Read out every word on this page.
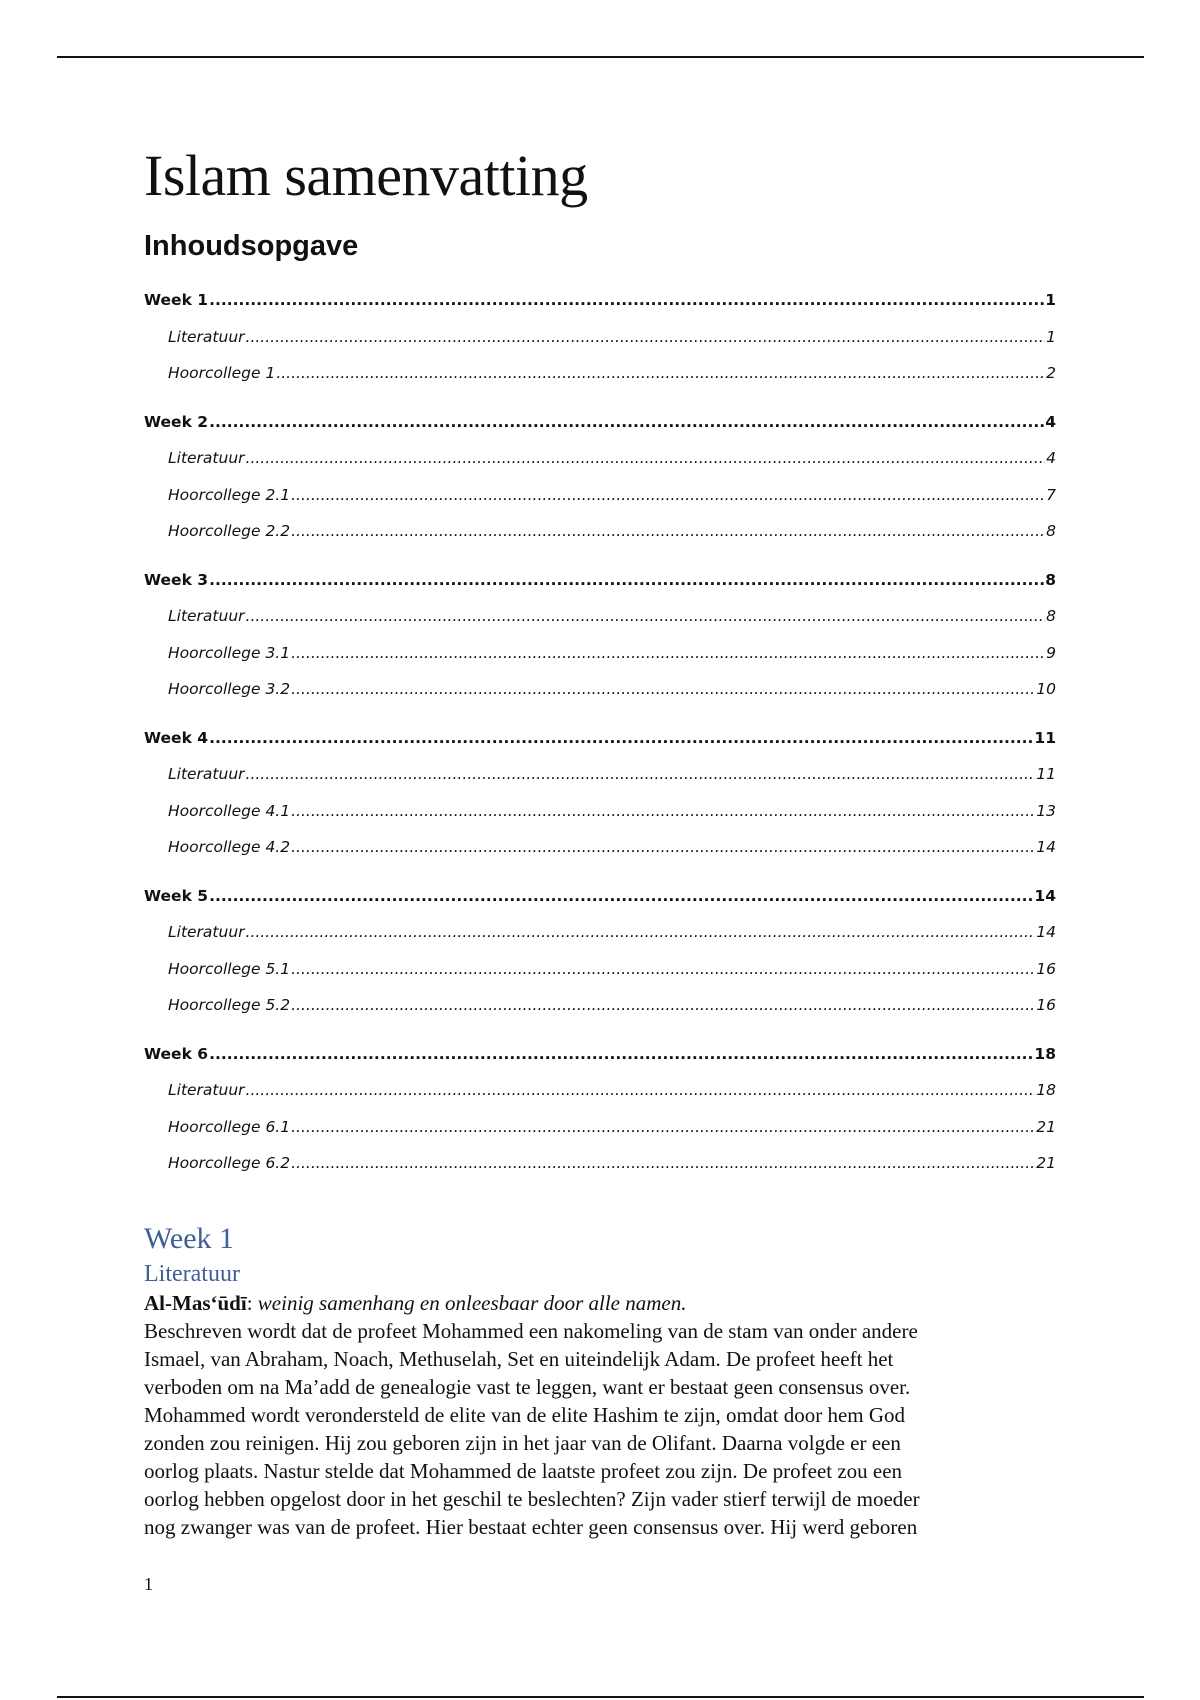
Islam samenvatting
Inhoudsopgave
Week 1 .....	1
Literatuur .....	1
Hoorcollege 1 .....	2
Week 2 .....	4
Literatuur .....	4
Hoorcollege 2.1 .....	7
Hoorcollege 2.2 .....	8
Week 3 .....	8
Literatuur .....	8
Hoorcollege 3.1 .....	9
Hoorcollege 3.2 .....	10
Week 4 .....	11
Literatuur .....	11
Hoorcollege 4.1 .....	13
Hoorcollege 4.2 .....	14
Week 5 .....	14
Literatuur .....	14
Hoorcollege 5.1 .....	16
Hoorcollege 5.2 .....	16
Week 6 .....	18
Literatuur .....	18
Hoorcollege 6.1 .....	21
Hoorcollege 6.2 .....	21
Week 1
Literatuur

Al-Masʻūdī: weinig samenhang en onleesbaar door alle namen.

Beschreven wordt dat de profeet Mohammed een nakomeling van de stam van onder andere

Ismael, van Abraham, Noach, Methuselah, Set en uiteindelijk Adam. De profeet heeft het

verboden om na Ma’add de genealogie vast te leggen, want er bestaat geen consensus over.

Mohammed wordt verondersteld de elite van de elite Hashim te zijn, omdat door hem God

zonden zou reinigen. Hij zou geboren zijn in het jaar van de Olifant. Daarna volgde er een

oorlog plaats. Nastur stelde dat Mohammed de laatste profeet zou zijn. De profeet zou een

oorlog hebben opgelost door in het geschil te beslechten? Zijn vader stierf terwijl de moeder

nog zwanger was van de profeet. Hier bestaat echter geen consensus over. Hij werd geboren

1
